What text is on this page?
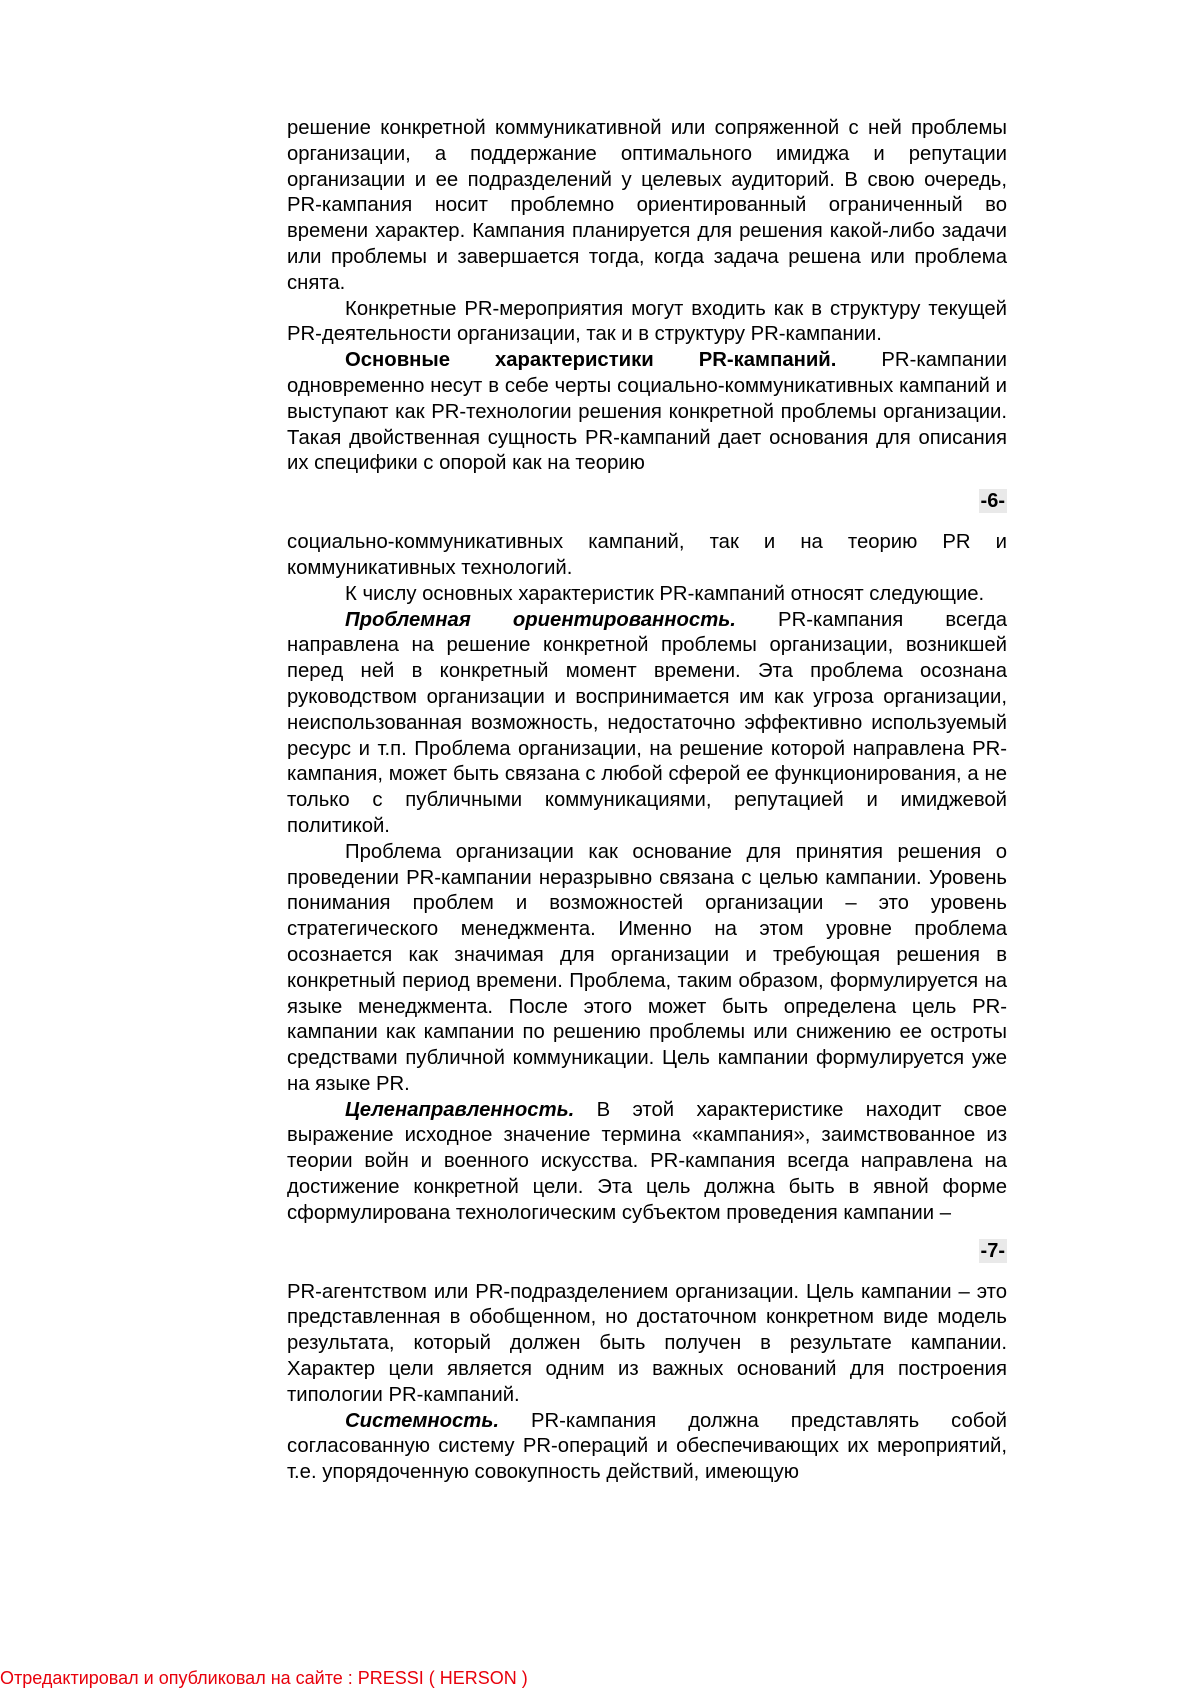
решение конкретной коммуникативной или сопряженной с ней проблемы организации, а поддержание оптимального имиджа и репутации организации и ее подразделений у целевых аудиторий. В свою очередь, PR-кампания носит проблемно ориентированный ограниченный во времени характер. Кампания планируется для решения какой-либо задачи или проблемы и завершается тогда, когда задача решена или проблема снята.

Конкретные PR-мероприятия могут входить как в структуру текущей PR-деятельности организации, так и в структуру PR-кампании.

Основные характеристики PR-кампаний. PR-кампании одновременно несут в себе черты социально-коммуникативных кампаний и выступают как PR-технологии решения конкретной проблемы организации. Такая двойственная сущность PR-кампаний дает основания для описания их специфики с опорой как на теорию

-6-

социально-коммуникативных кампаний, так и на теорию PR и коммуникативных технологий.

К числу основных характеристик PR-кампаний относят следующие.

Проблемная ориентированность. PR-кампания всегда направлена на решение конкретной проблемы организации, возникшей перед ней в конкретный момент времени. Эта проблема осознана руководством организации и воспринимается им как угроза организации, неиспользованная возможность, недостаточно эффективно используемый ресурс и т.п. Проблема организации, на решение которой направлена PR-кампания, может быть связана с любой сферой ее функционирования, а не только с публичными коммуникациями, репутацией и имиджевой политикой.

Проблема организации как основание для принятия решения о проведении PR-кампании неразрывно связана с целью кампании. Уровень понимания проблем и возможностей организации – это уровень стратегического менеджмента. Именно на этом уровне проблема осознается как значимая для организации и требующая решения в конкретный период времени. Проблема, таким образом, формулируется на языке менеджмента. После этого может быть определена цель PR-кампании как кампании по решению проблемы или снижению ее остроты средствами публичной коммуникации. Цель кампании формулируется уже на языке PR.

Целенаправленность. В этой характеристике находит свое выражение исходное значение термина «кампания», заимствованное из теории войн и военного искусства. PR-кампания всегда направлена на достижение конкретной цели. Эта цель должна быть в явной форме сформулирована технологическим субъектом проведения кампании –

-7-

PR-агентством или PR-подразделением организации. Цель кампании – это представленная в обобщенном, но достаточном конкретном виде модель результата, который должен быть получен в результате кампании. Характер цели является одним из важных оснований для построения типологии PR-кампаний.

Системность. PR-кампания должна представлять собой согласованную систему PR-операций и обеспечивающих их мероприятий, т.е. упорядоченную совокупность действий, имеющую

Отредактировал и опубликовал на сайте : PRESSI ( HERSON )
